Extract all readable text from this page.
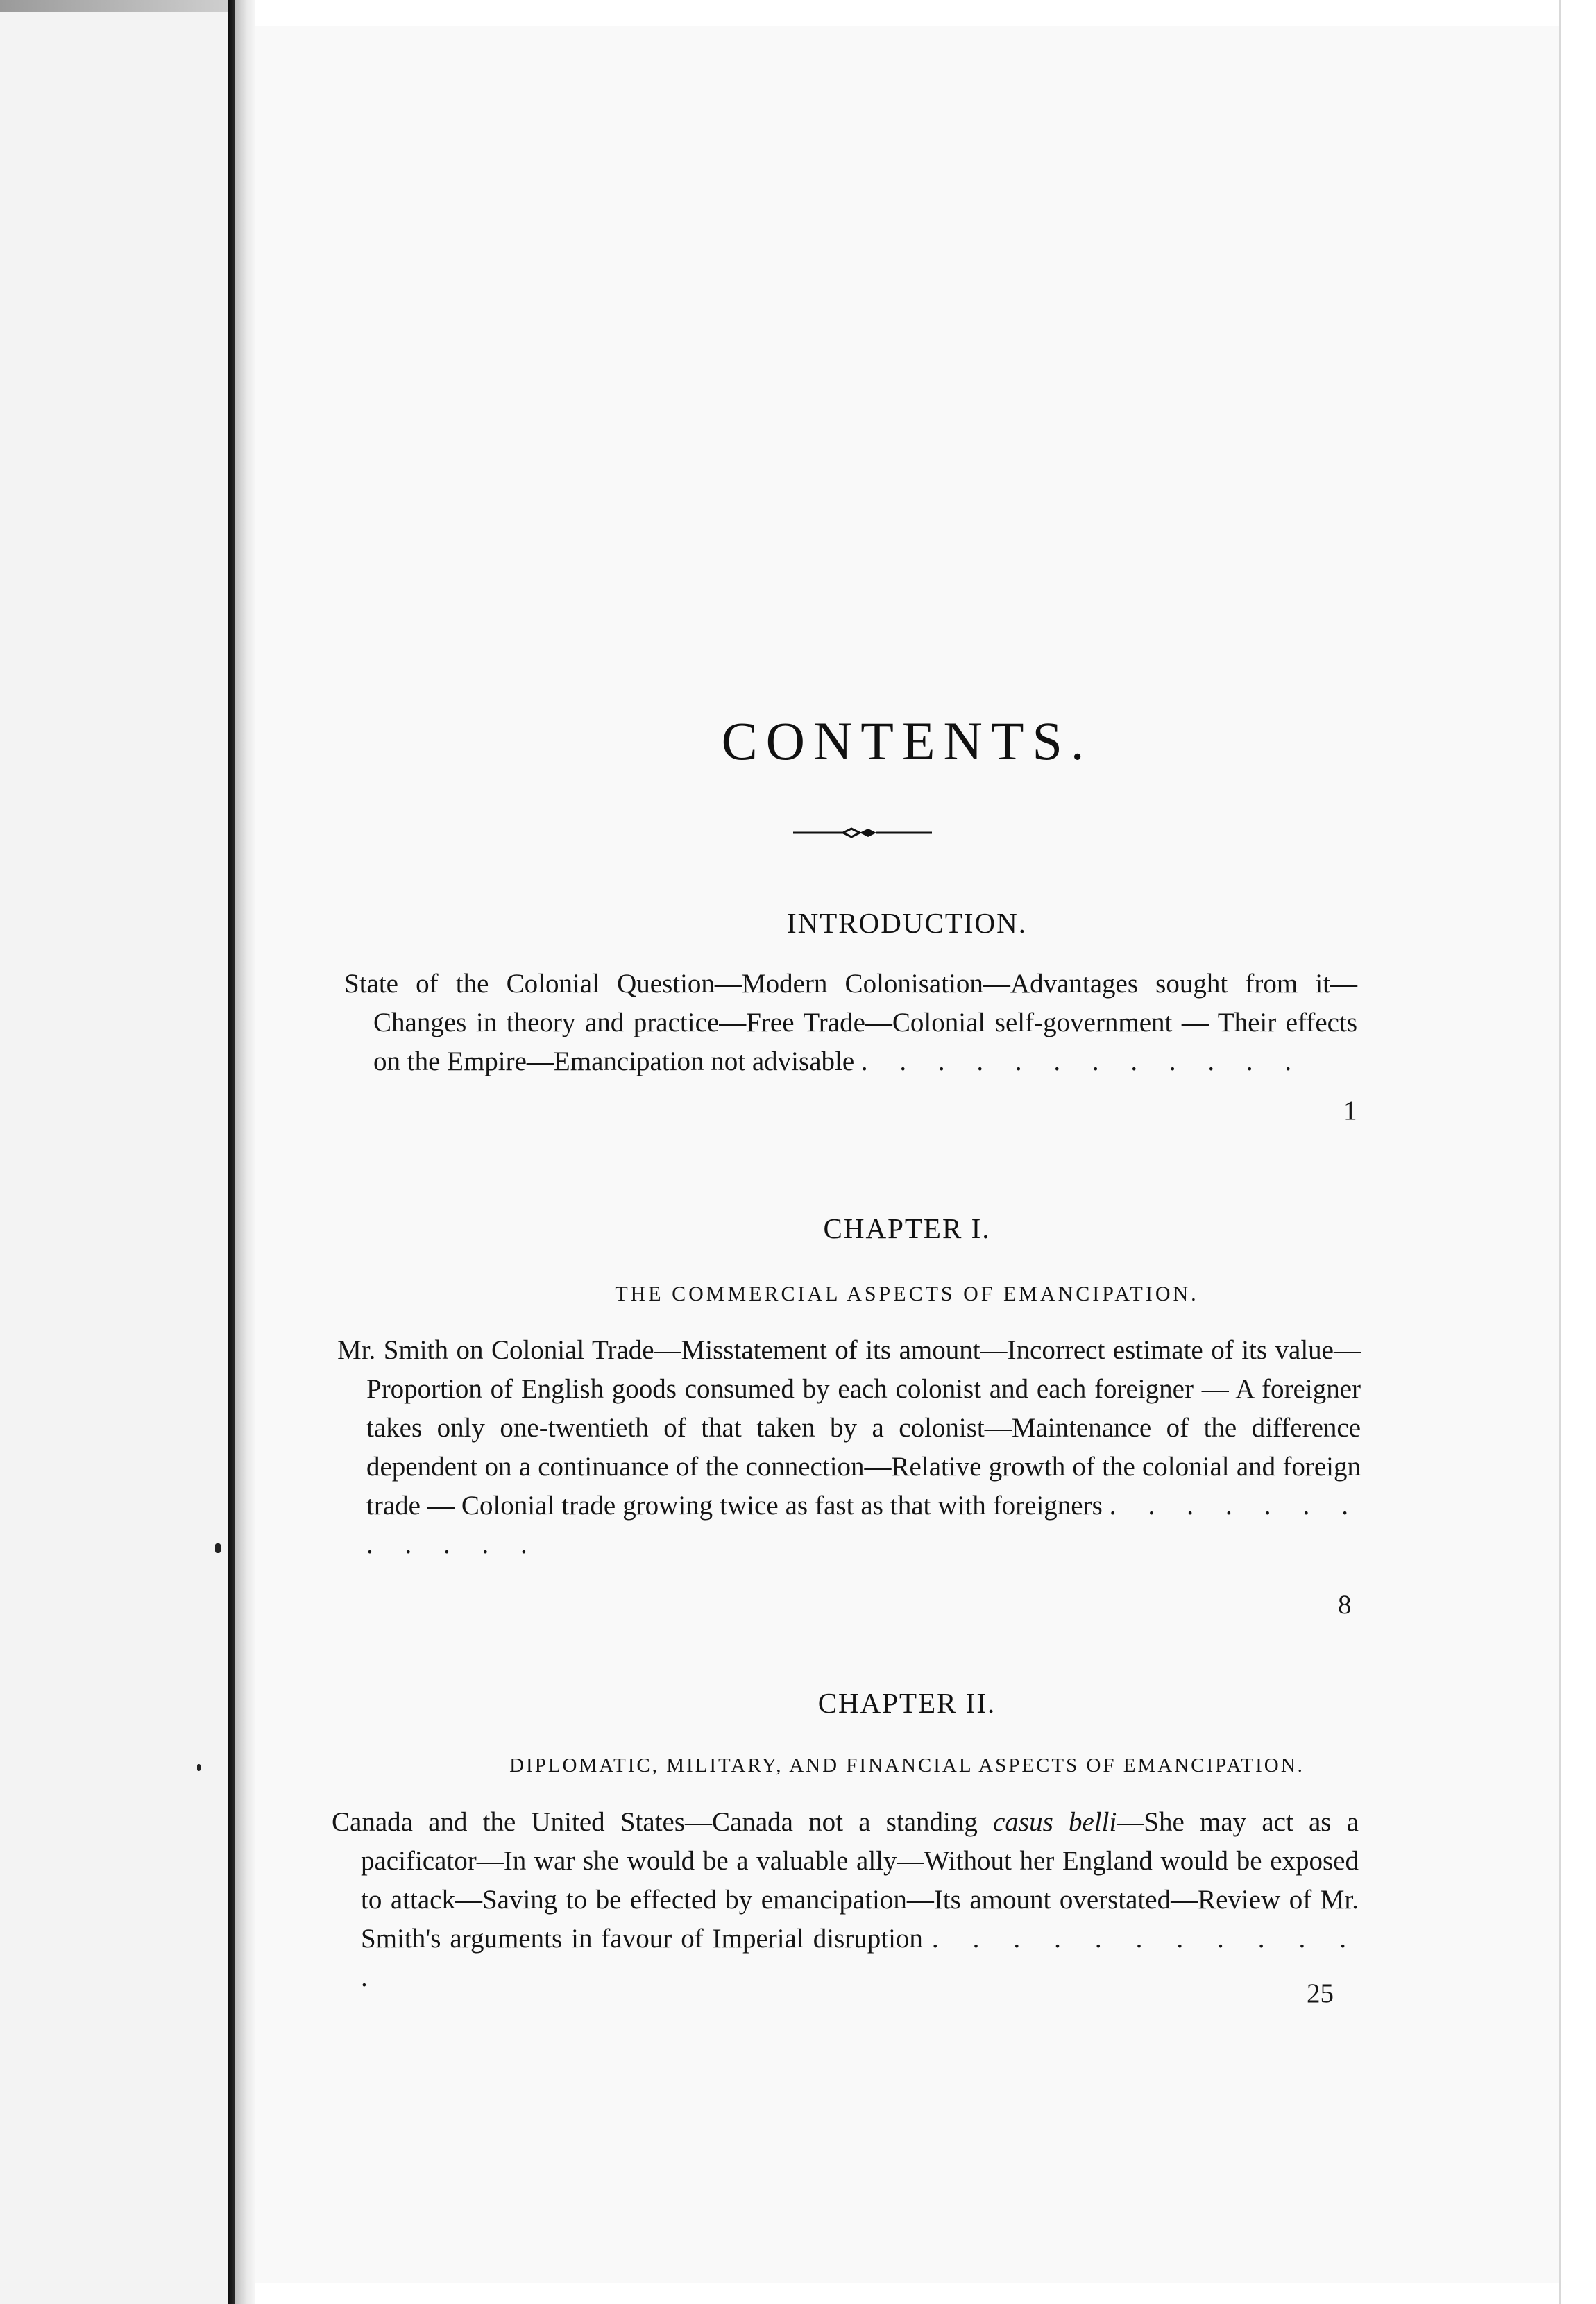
CONTENTS.
INTRODUCTION.

State of the Colonial Question—Modern Colonisation—Advantages sought from it—Changes in theory and practice—Free Trade—Colonial self-government — Their effects on the Empire—Emancipation not advisable . . . . . . . . . . . .

1
CHAPTER I.
THE COMMERCIAL ASPECTS OF EMANCIPATION.

Mr. Smith on Colonial Trade—Misstatement of its amount—Incorrect estimate of its value—Proportion of English goods consumed by each colonist and each foreigner — A foreigner takes only one-twentieth of that taken by a colonist—Maintenance of the difference dependent on a continuance of the connection—Relative growth of the colonial and foreign trade — Colonial trade growing twice as fast as that with foreigners . . . . . . . . . . . .

8
CHAPTER II.
DIPLOMATIC, MILITARY, AND FINANCIAL ASPECTS OF EMANCIPATION.

Canada and the United States—Canada not a standing casus belli—She may act as a pacificator—In war she would be a valuable ally—Without her England would be exposed to attack—Saving to be effected by emancipation—Its amount overstated—Review of Mr. Smith's arguments in favour of Imperial disruption . . . . . . . . . . . .

25
